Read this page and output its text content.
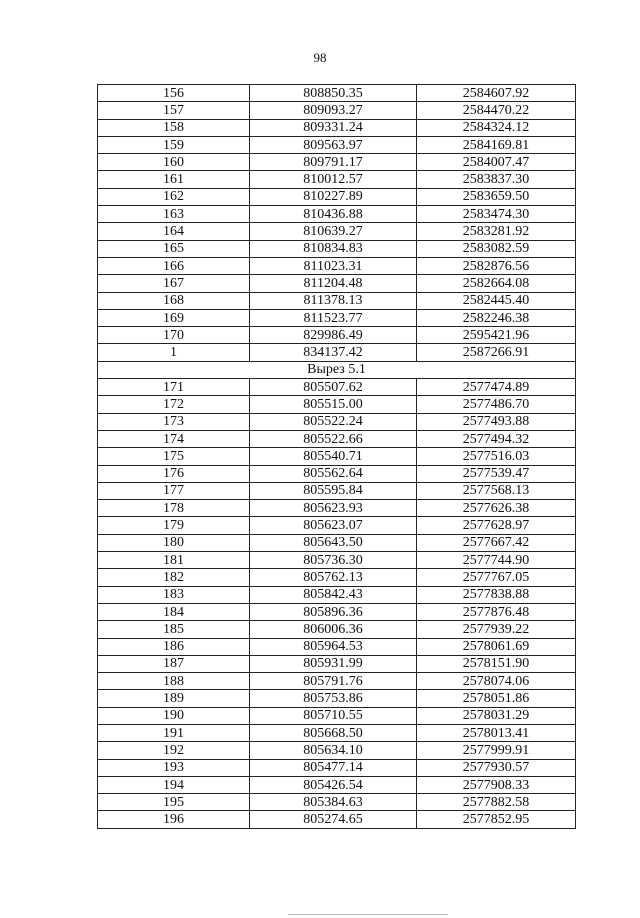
98
156	808850.35	2584607.92
157	809093.27	2584470.22
158	809331.24	2584324.12
159	809563.97	2584169.81
160	809791.17	2584007.47
161	810012.57	2583837.30
162	810227.89	2583659.50
163	810436.88	2583474.30
164	810639.27	2583281.92
165	810834.83	2583082.59
166	811023.31	2582876.56
167	811204.48	2582664.08
168	811378.13	2582445.40
169	811523.77	2582246.38
170	829986.49	2595421.96
1	834137.42	2587266.91
Вырез 5.1		
171	805507.62	2577474.89
172	805515.00	2577486.70
173	805522.24	2577493.88
174	805522.66	2577494.32
175	805540.71	2577516.03
176	805562.64	2577539.47
177	805595.84	2577568.13
178	805623.93	2577626.38
179	805623.07	2577628.97
180	805643.50	2577667.42
181	805736.30	2577744.90
182	805762.13	2577767.05
183	805842.43	2577838.88
184	805896.36	2577876.48
185	806006.36	2577939.22
186	805964.53	2578061.69
187	805931.99	2578151.90
188	805791.76	2578074.06
189	805753.86	2578051.86
190	805710.55	2578031.29
191	805668.50	2578013.41
192	805634.10	2577999.91
193	805477.14	2577930.57
194	805426.54	2577908.33
195	805384.63	2577882.58
196	805274.65	2577852.95
